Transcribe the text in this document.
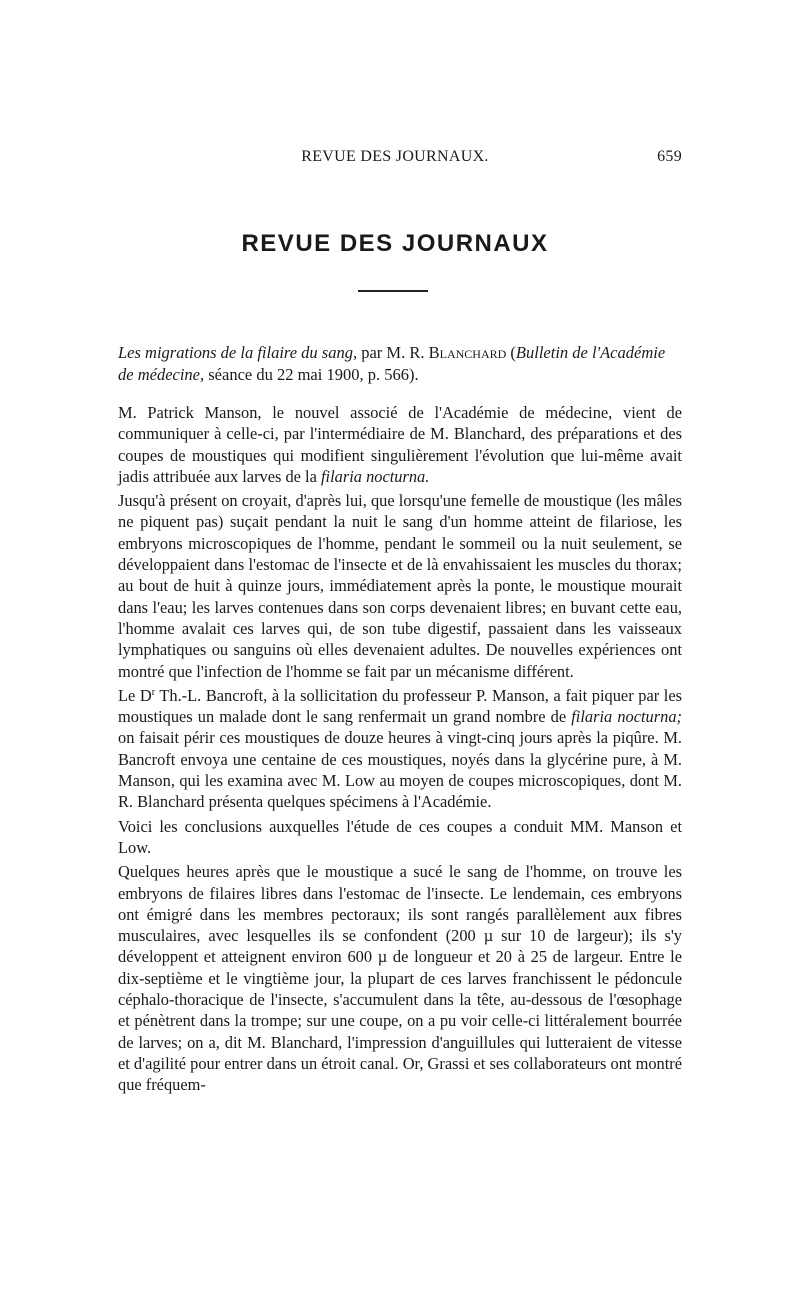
REVUE DES JOURNAUX.	659
REVUE DES JOURNAUX
Les migrations de la filaire du sang, par M. R. Blanchard (Bulletin de l'Académie de médecine, séance du 22 mai 1900, p. 566).

M. Patrick Manson, le nouvel associé de l'Académie de médecine, vient de communiquer à celle-ci, par l'intermédiaire de M. Blanchard, des préparations et des coupes de moustiques qui modifient singulièrement l'évolution que lui-même avait jadis attribuée aux larves de la filaria nocturna.

Jusqu'à présent on croyait, d'après lui, que lorsqu'une femelle de moustique (les mâles ne piquent pas) suçait pendant la nuit le sang d'un homme atteint de filariose, les embryons microscopiques de l'homme, pendant le sommeil ou la nuit seulement, se développaient dans l'estomac de l'insecte et de là envahissaient les muscles du thorax; au bout de huit à quinze jours, immédiatement après la ponte, le moustique mourait dans l'eau; les larves contenues dans son corps devenaient libres; en buvant cette eau, l'homme avalait ces larves qui, de son tube digestif, passaient dans les vaisseaux lymphatiques ou sanguins où elles devenaient adultes. De nouvelles expériences ont montré que l'infection de l'homme se fait par un mécanisme différent.

Le $D^r$ Th.-L. Bancroft, à la sollicitation du professeur P. Manson, a fait piquer par les moustiques un malade dont le sang renfermait un grand nombre de filaria nocturna; on faisait périr ces moustiques de douze heures à vingt-cinq jours après la piqûre. M. Bancroft envoya une centaine de ces moustiques, noyés dans la glycérine pure, à M. Manson, qui les examina avec M. Low au moyen de coupes microscopiques, dont M. R. Blanchard présenta quelques spécimens à l'Académie.

Voici les conclusions auxquelles l'étude de ces coupes a conduit MM. Manson et Low.

Quelques heures après que le moustique a sucé le sang de l'homme, on trouve les embryons de filaires libres dans l'estomac de l'insecte. Le lendemain, ces embryons ont émigré dans les membres pectoraux; ils sont rangés parallèlement aux fibres musculaires, avec lesquelles ils se confondent (200 µ sur 10 de largeur); ils s'y développent et atteignent environ 600 µ de longueur et 20 à 25 de largeur. Entre le dix-septième et le vingtième jour, la plupart de ces larves franchissent le pédoncule céphalo-thoracique de l'insecte, s'accumulent dans la tête, au-dessous de l'œsophage et pénètrent dans la trompe; sur une coupe, on a pu voir celle-ci littéralement bourrée de larves; on a, dit M. Blanchard, l'impression d'anguillules qui lutteraient de vitesse et d'agilité pour entrer dans un étroit canal. Or, Grassi et ses collaborateurs ont montré que fréquem-
